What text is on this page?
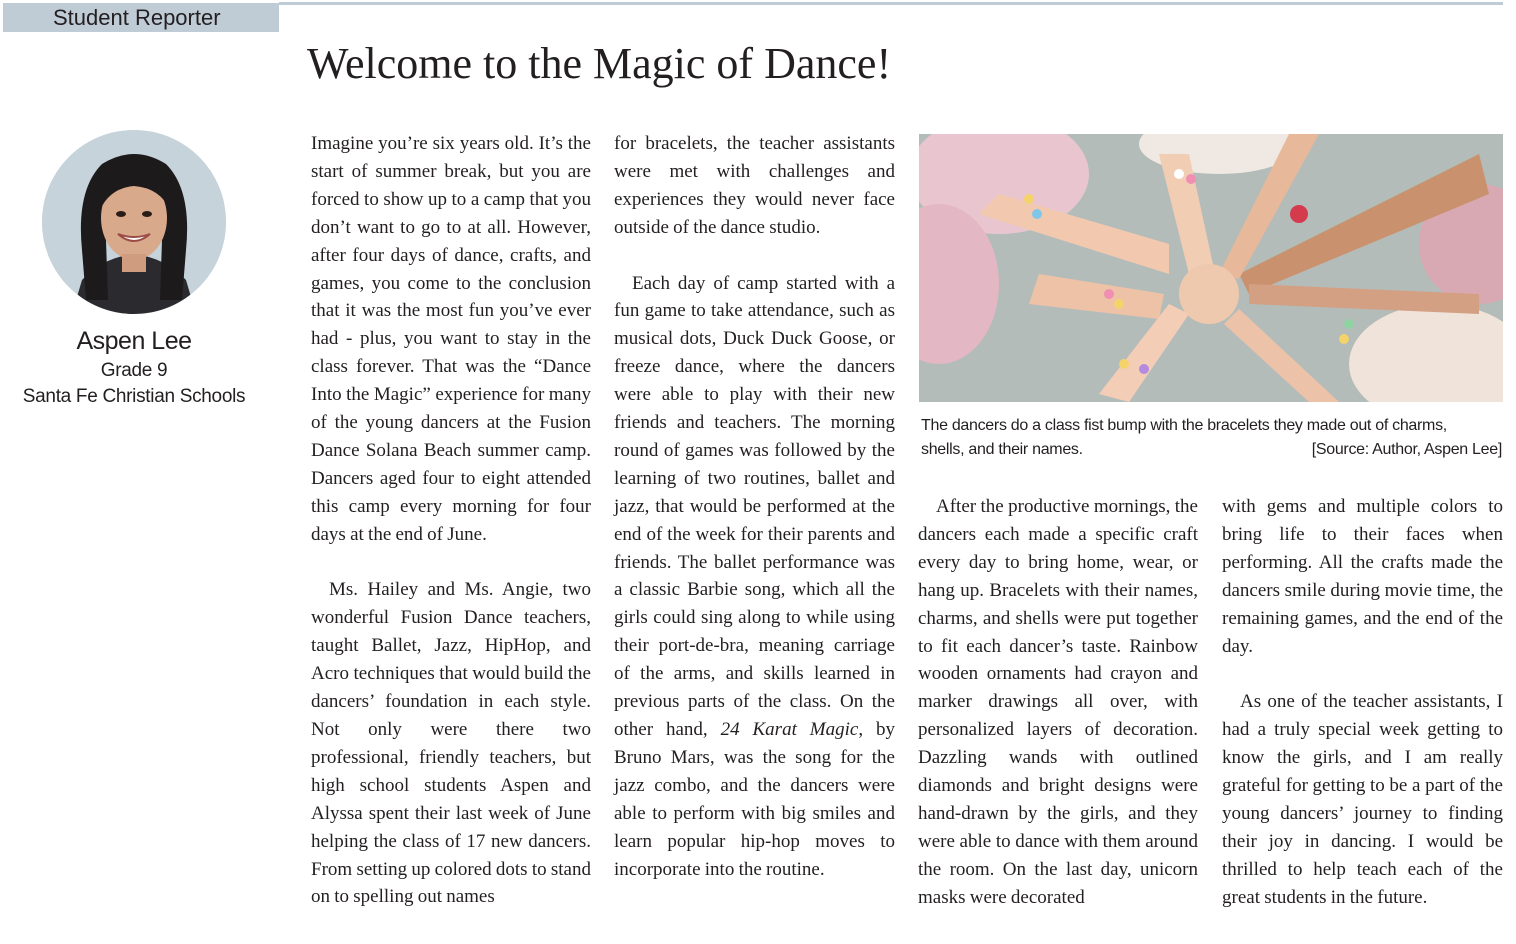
Student Reporter
Welcome to the Magic of Dance!
Aspen Lee
Grade 9
Santa Fe Christian Schools

Imagine you’re six years old. It’s the start of summer break, but you are forced to show up to a camp that you don’t want to go to at all. However, after four days of dance, crafts, and games, you come to the conclusion that it was the most fun you’ve ever had - plus, you want to stay in the class forever. That was the “Dance Into the Magic” experience for many of the young dancers at the Fusion Dance Solana Beach summer camp. Dancers aged four to eight attended this camp every morning for four days at the end of June.

Ms. Hailey and Ms. Angie, two wonderful Fusion Dance teachers, taught Ballet, Jazz, HipHop, and Acro techniques that would build the dancers’ foundation in each style. Not only were there two professional, friendly teachers, but high school students Aspen and Alyssa spent their last week of June helping the class of 17 new dancers. From setting up colored dots to stand on to spelling out names

for bracelets, the teacher assistants were met with challenges and experiences they would never face outside of the dance studio.

Each day of camp started with a fun game to take attendance, such as musical dots, Duck Duck Goose, or freeze dance, where the dancers were able to play with their new friends and teachers. The morning round of games was followed by the learning of two routines, ballet and jazz, that would be performed at the end of the week for their parents and friends. The ballet performance was a classic Barbie song, which all the girls could sing along to while using their port-de-bra, meaning carriage of the arms, and skills learned in previous parts of the class. On the other hand, 24 Karat Magic, by Bruno Mars, was the song for the jazz combo, and the dancers were able to perform with big smiles and learn popular hip-hop moves to incorporate into the routine.

The dancers do a class fist bump with the bracelets they made out of charms,
shells, and their names.	[Source: Author, Aspen Lee]

After the productive mornings, the dancers each made a specific craft every day to bring home, wear, or hang up. Bracelets with their names, charms, and shells were put together to fit each dancer’s taste. Rainbow wooden ornaments had crayon and marker drawings all over, with personalized layers of decoration. Dazzling wands with outlined diamonds and bright designs were hand-drawn by the girls, and they were able to dance with them around the room. On the last day, unicorn masks were decorated

with gems and multiple colors to bring life to their faces when performing. All the crafts made the dancers smile during movie time, the remaining games, and the end of the day.

As one of the teacher assistants, I had a truly special week getting to know the girls, and I am really grateful for getting to be a part of the young dancers’ journey to finding their joy in dancing. I would be thrilled to help teach each of the great students in the future.
